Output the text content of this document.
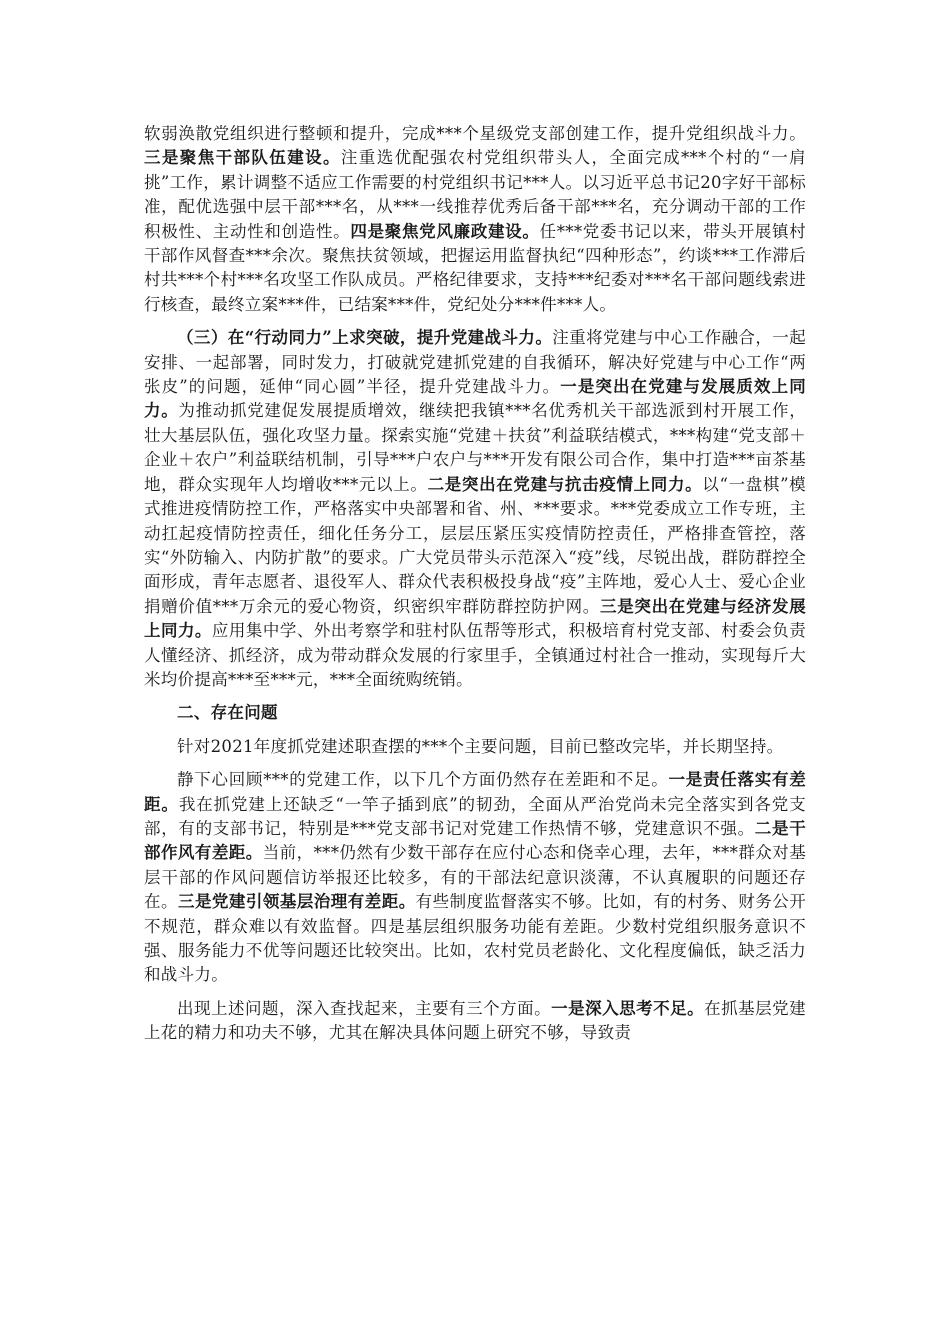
软弱涣散党组织进行整顿和提升，完成***个星级党支部创建工作，提升党组织战斗力。三是聚焦干部队伍建设。注重选优配强农村党组织带头人，全面完成***个村的“一肩挑”工作，累计调整不适应工作需要的村党组织书记***人。以习近平总书记20字好干部标准，配优选强中层干部***名，从***一线推荐优秀后备干部***名，充分调动干部的工作积极性、主动性和创造性。四是聚焦党风廉政建设。任***党委书记以来，带头开展镇村干部作风督查***余次。聚焦扶贫领域，把握运用监督执纪“四种形态”，约谈***工作滞后村共***个村***名攻坚工作队成员。严格纪律要求，支持***纪委对***名干部问题线索进行核查，最终立案***件，已结案***件，党纪处分***件***人。

（三）在“行动同力”上求突破，提升党建战斗力。注重将党建与中心工作融合，一起安排、一起部署，同时发力，打破就党建抓党建的自我循环，解决好党建与中心工作“两张皮”的问题，延伸“同心圆”半径，提升党建战斗力。一是突出在党建与发展质效上同力。为推动抓党建促发展提质增效，继续把我镇***名优秀机关干部选派到村开展工作，壮大基层队伍，强化攻坚力量。探索实施“党建＋扶贫”利益联结模式，***构建“党支部＋企业＋农户”利益联结机制，引导***户农户与***开发有限公司合作，集中打造***亩茶基地，群众实现年人均增收***元以上。二是突出在党建与抗击疫情上同力。以“一盘棋”模式推进疫情防控工作，严格落实中央部署和省、州、***要求。***党委成立工作专班，主动扛起疫情防控责任，细化任务分工，层层压紧压实疫情防控责任，严格排查管控，落实“外防输入、内防扩散”的要求。广大党员带头示范深入“疫”线，尽锐出战，群防群控全面形成，青年志愿者、退役军人、群众代表积极投身战“疫”主阵地，爱心人士、爱心企业捐赠价值***万余元的爱心物资，织密织牢群防群控防护网。三是突出在党建与经济发展上同力。应用集中学、外出考察学和驻村队伍帮等形式，积极培育村党支部、村委会负责人懂经济、抓经济，成为带动群众发展的行家里手，全镇通过村社合一推动，实现每斤大米均价提高***至***元，***全面统购统销。

二、存在问题

针对2021年度抓党建述职查摆的***个主要问题，目前已整改完毕，并长期坚持。

静下心回顾***的党建工作，以下几个方面仍然存在差距和不足。一是责任落实有差距。我在抓党建上还缺乏“一竿子插到底”的韧劲，全面从严治党尚未完全落实到各党支部，有的支部书记，特别是***党支部书记对党建工作热情不够，党建意识不强。二是干部作风有差距。当前，***仍然有少数干部存在应付心态和侥幸心理，去年，***群众对基层干部的作风问题信访举报还比较多，有的干部法纪意识淡薄，不认真履职的问题还存在。三是党建引领基层治理有差距。有些制度监督落实不够。比如，有的村务、财务公开不规范，群众难以有效监督。四是基层组织服务功能有差距。少数村党组织服务意识不强、服务能力不优等问题还比较突出。比如，农村党员老龄化、文化程度偏低，缺乏活力和战斗力。

出现上述问题，深入查找起来，主要有三个方面。一是深入思考不足。在抓基层党建上花的精力和功夫不够，尤其在解决具体问题上研究不够，导致责
